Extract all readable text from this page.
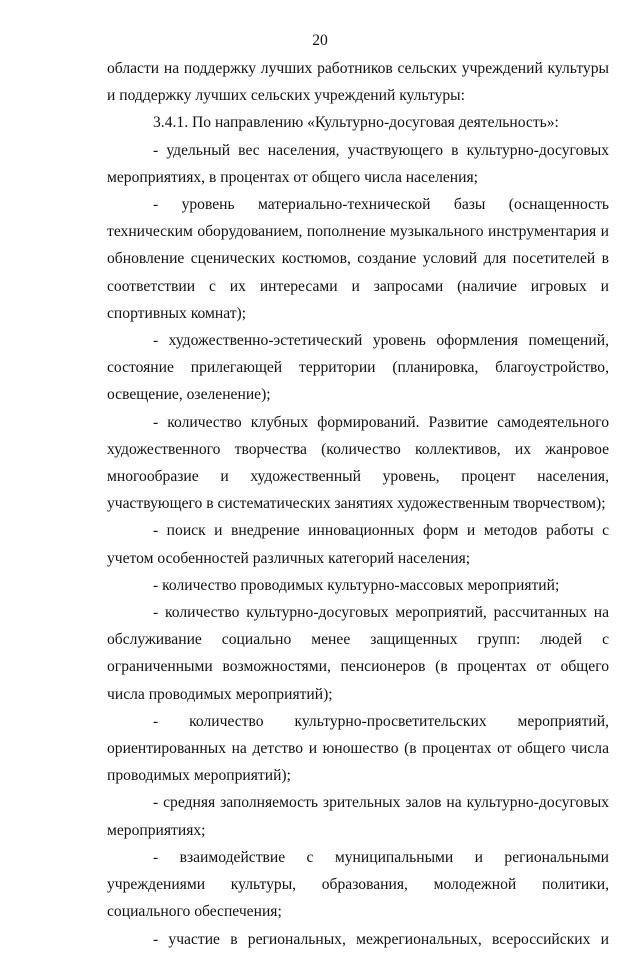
20

области на поддержку лучших работников сельских учреждений культуры и поддержку лучших сельских учреждений культуры:

3.4.1. По направлению «Культурно-досуговая деятельность»:

- удельный вес населения, участвующего в культурно-досуговых мероприятиях, в процентах от общего числа населения;

- уровень материально-технической базы (оснащенность техническим оборудованием, пополнение музыкального инструментария и обновление сценических костюмов, создание условий для посетителей в соответствии с их интересами и запросами (наличие игровых и спортивных комнат);

- художественно-эстетический уровень оформления помещений, состояние прилегающей территории (планировка, благоустройство, освещение, озеленение);

- количество клубных формирований. Развитие самодеятельного художественного творчества (количество коллективов, их жанровое многообразие и художественный уровень, процент населения, участвующего в систематических занятиях художественным творчеством);

- поиск и внедрение инновационных форм и методов работы с учетом особенностей различных категорий населения;

- количество проводимых культурно-массовых мероприятий;

- количество культурно-досуговых мероприятий, рассчитанных на обслуживание социально менее защищенных групп: людей с ограниченными возможностями, пенсионеров (в процентах от общего числа проводимых мероприятий);

- количество культурно-просветительских мероприятий, ориентированных на детство и юношество (в процентах от общего числа проводимых мероприятий);

- средняя заполняемость зрительных залов на культурно-досуговых мероприятиях;

- взаимодействие с муниципальными и региональными учреждениями культуры, образования, молодежной политики, социального обеспечения;

- участие в региональных, межрегиональных, всероссийских и
